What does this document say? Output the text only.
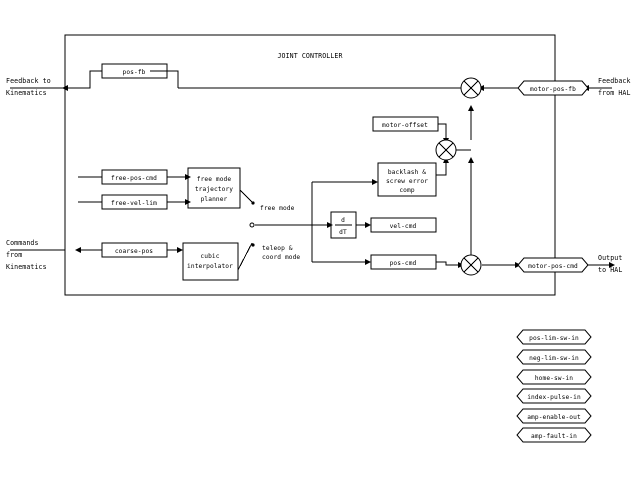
JOINT CONTROLLER
pos-fb
motor-offset
free-pos-cmd
free-vel-lim
coarse-pos
vel-cmd
pos-cmd
free mode
trajectory
planner
cubic
interpolator
backlash &
screw error
comp
d
dT
free mode
teleop &
coord mode
motor-pos-fb
motor-pos-cmd
pos-lim-sw-in
neg-lim-sw-in
home-sw-in
index-pulse-in
amp-enable-out
amp-fault-in
Feedback to
Kinematics
Commands
from
Kinematics
Feedback
from HAL
Output
to HAL
